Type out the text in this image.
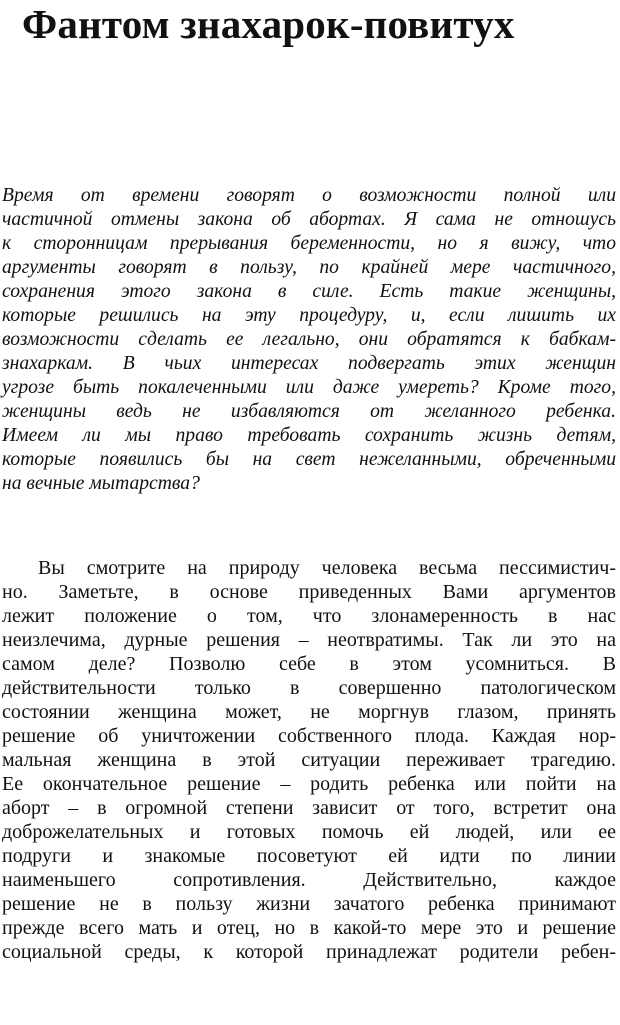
Фантом знахарок-повитух
Время от времени говорят о возможности полной или
частичной отмены закона об абортах. Я сама не отношусь
к сторонницам прерывания беременности, но я вижу, что
аргументы говорят в пользу, по крайней мере частичного,
сохранения этого закона в силе. Есть такие женщины,
которые решились на эту процедуру, и, если лишить их
возможности сделать ее легально, они обратятся к бабкам-
знахаркам. В чьих интересах подвергать этих женщин
угрозе быть покалеченными или даже умереть? Кроме того,
женщины ведь не избавляются от желанного ребенка.
Имеем ли мы право требовать сохранить жизнь детям,
которые появились бы на свет нежеланными, обреченными
на вечные мытарства?
Вы смотрите на природу человека весьма пессимистич-
но. Заметьте, в основе приведенных Вами аргументов
лежит положение о том, что злонамеренность в нас
неизлечима, дурные решения – неотвратимы. Так ли это на
самом деле? Позволю себе в этом усомниться. В
действительности только в совершенно патологическом
состоянии женщина может, не моргнув глазом, принять
решение об уничтожении собственного плода. Каждая нор-
мальная женщина в этой ситуации переживает трагедию.
Ее окончательное решение – родить ребенка или пойти на
аборт – в огромной степени зависит от того, встретит она
доброжелательных и готовых помочь ей людей, или ее
подруги и знакомые посоветуют ей идти по линии
наименьшего сопротивления. Действительно, каждое
решение не в пользу жизни зачатого ребенка принимают
прежде всего мать и отец, но в какой-то мере это и решение
социальной среды, к которой принадлежат родители ребен-
